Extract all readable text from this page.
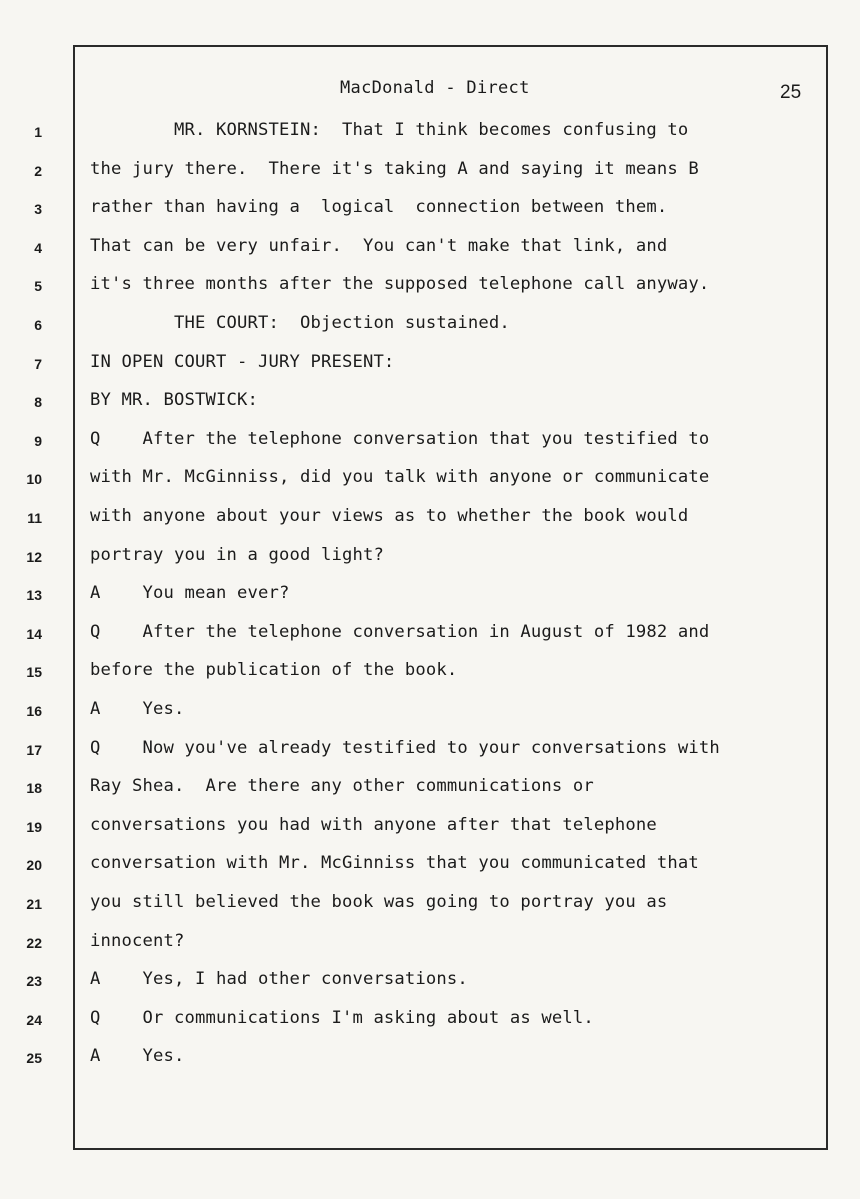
MacDonald - Direct	25
1	MR. KORNSTEIN:  That I think becomes confusing to
2	the jury there.  There it's taking A and saying it means B
3	rather than having a  logical  connection between them.
4	That can be very unfair.  You can't make that link, and
5	it's three months after the supposed telephone call anyway.
6	THE COURT:  Objection sustained.
7	IN OPEN COURT - JURY PRESENT:
8	BY MR. BOSTWICK:
9	Q    After the telephone conversation that you testified to
10	with Mr. McGinniss, did you talk with anyone or communicate
11	with anyone about your views as to whether the book would
12	portray you in a good light?
13	A    You mean ever?
14	Q    After the telephone conversation in August of 1982 and
15	before the publication of the book.
16	A    Yes.
17	Q    Now you've already testified to your conversations with
18	Ray Shea.  Are there any other communications or
19	conversations you had with anyone after that telephone
20	conversation with Mr. McGinniss that you communicated that
21	you still believed the book was going to portray you as
22	innocent?
23	A    Yes, I had other conversations.
24	Q    Or communications I'm asking about as well.
25	A    Yes.
